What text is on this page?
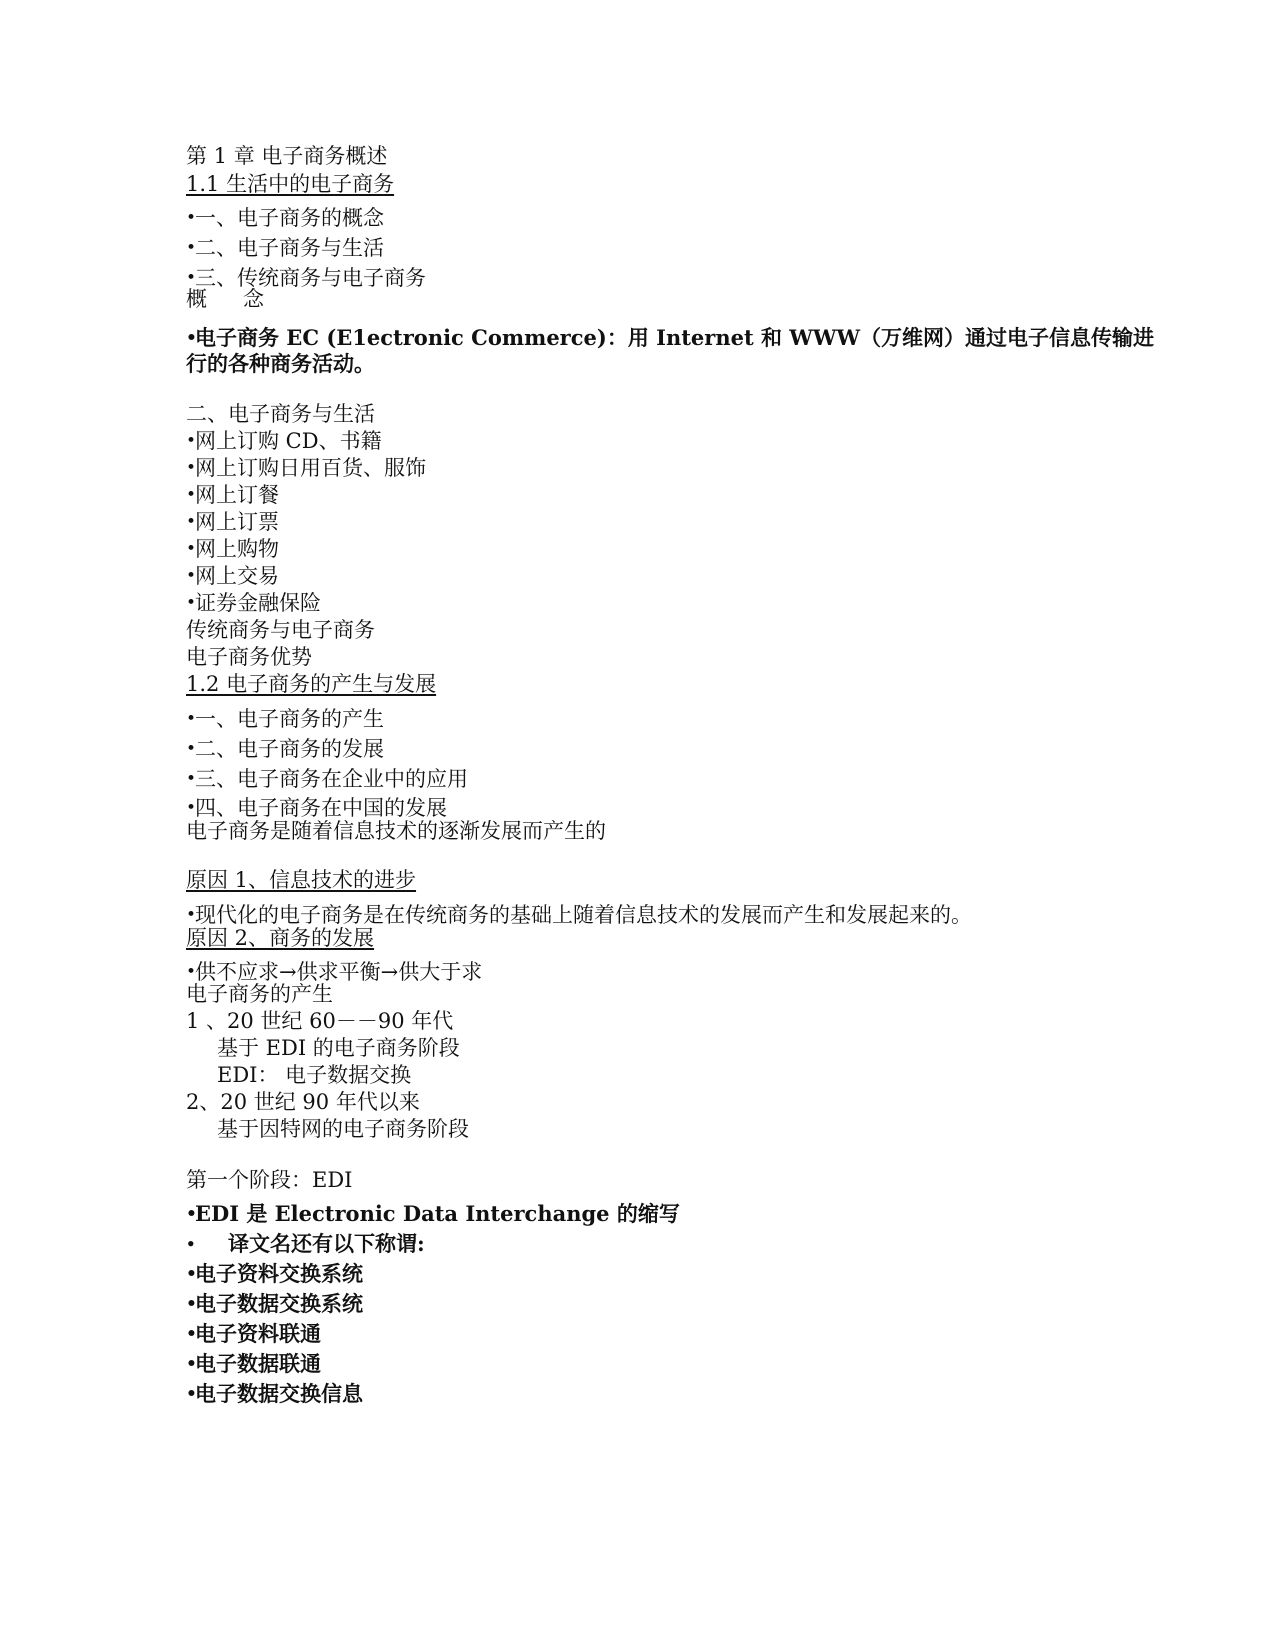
第 1 章 电子商务概述
1.1 生活中的电子商务
•一、电子商务的概念
•二、电子商务与生活
•三、传统商务与电子商务
概念
•电子商务 EC (E1ectronic Commerce)：用 Internet 和 WWW（万维网）通过电子信息传输进
行的各种商务活动。
二、电子商务与生活
•网上订购 CD、书籍
•网上订购日用百货、服饰
•网上订餐
•网上订票
•网上购物
•网上交易
•证券金融保险
传统商务与电子商务
电子商务优势
1.2 电子商务的产生与发展
•一、电子商务的产生
•二、电子商务的发展
•三、电子商务在企业中的应用
•四、电子商务在中国的发展
电子商务是随着信息技术的逐渐发展而产生的
原因 1、信息技术的进步
•现代化的电子商务是在传统商务的基础上随着信息技术的发展而产生和发展起来的。
原因 2、商务的发展
•供不应求→供求平衡→供大于求
电子商务的产生
1 、20 世纪 60－－90 年代
基于 EDI 的电子商务阶段
EDI： 电子数据交换
2、20 世纪 90 年代以来
基于因特网的电子商务阶段
第一个阶段：EDI
•EDI 是 Electronic Data Interchange 的缩写
• 译文名还有以下称谓:
•电子资料交换系统
•电子数据交换系统
•电子资料联通
•电子数据联通
•电子数据交换信息
